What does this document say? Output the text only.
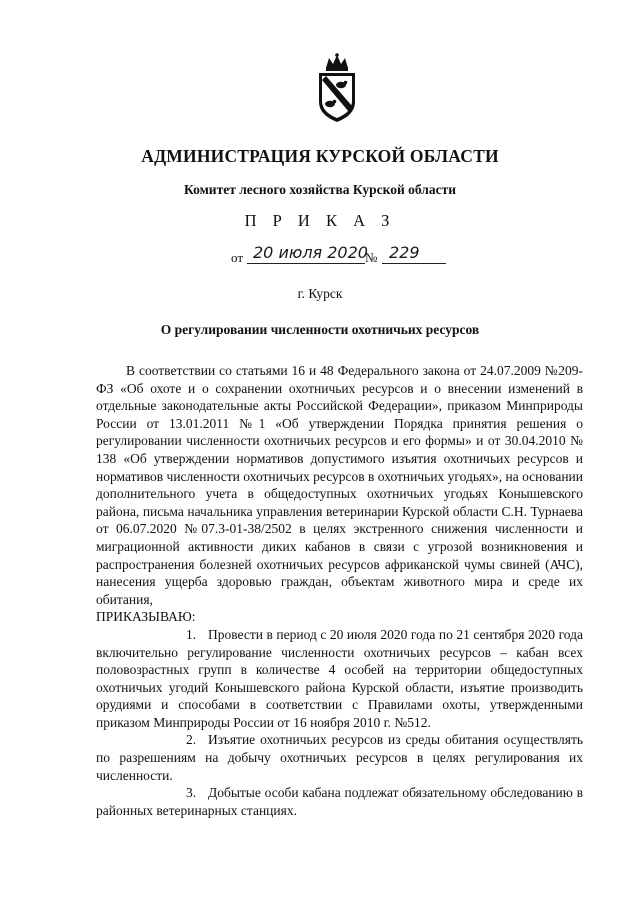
АДМИНИСТРАЦИЯ КУРСКОЙ ОБЛАСТИ
Комитет лесного хозяйства Курской области
П Р И К А З
от 20 июля 2020
№ 229
г. Курск
О регулировании численности охотничьих ресурсов

В соответствии со статьями 16 и 48 Федерального закона от 24.07.2009 №209-ФЗ «Об охоте и о сохранении охотничьих ресурсов и о внесении изменений в отдельные законодательные акты Российской Федерации», приказом Минприроды России от 13.01.2011 №1 «Об утверждении Порядка принятия решения о регулировании численности охотничьих ресурсов и его формы» и от 30.04.2010 № 138 «Об утверждении нормативов допустимого изъятия охотничьих ресурсов и нормативов численности охотничьих ресурсов в охотничьих угодьях», на основании дополнительного учета в общедоступных охотничьих угодьях Конышевского района, письма начальника управления ветеринарии Курской области С.Н. Турнаева от 06.07.2020 №07.3-01-38/2502 в целях экстренного снижения численности и миграционной активности диких кабанов в связи с угрозой возникновения и распространения болезней охотничьих ресурсов африканской чумы свиней (АЧС), нанесения ущерба здоровью граждан, объектам животного мира и среде их обитания,

ПРИКАЗЫВАЮ:

1. Провести в период с 20 июля 2020 года по 21 сентября 2020 года включительно регулирование численности охотничьих ресурсов – кабан всех половозрастных групп в количестве 4 особей на территории общедоступных охотничьих угодий Конышевского района Курской области, изъятие производить орудиями и способами в соответствии с Правилами охоты, утвержденными приказом Минприроды России от 16 ноября 2010 г. №512.

2. Изъятие охотничьих ресурсов из среды обитания осуществлять по разрешениям на добычу охотничьих ресурсов в целях регулирования их численности.

3. Добытые особи кабана подлежат обязательному обследованию в районных ветеринарных станциях.
